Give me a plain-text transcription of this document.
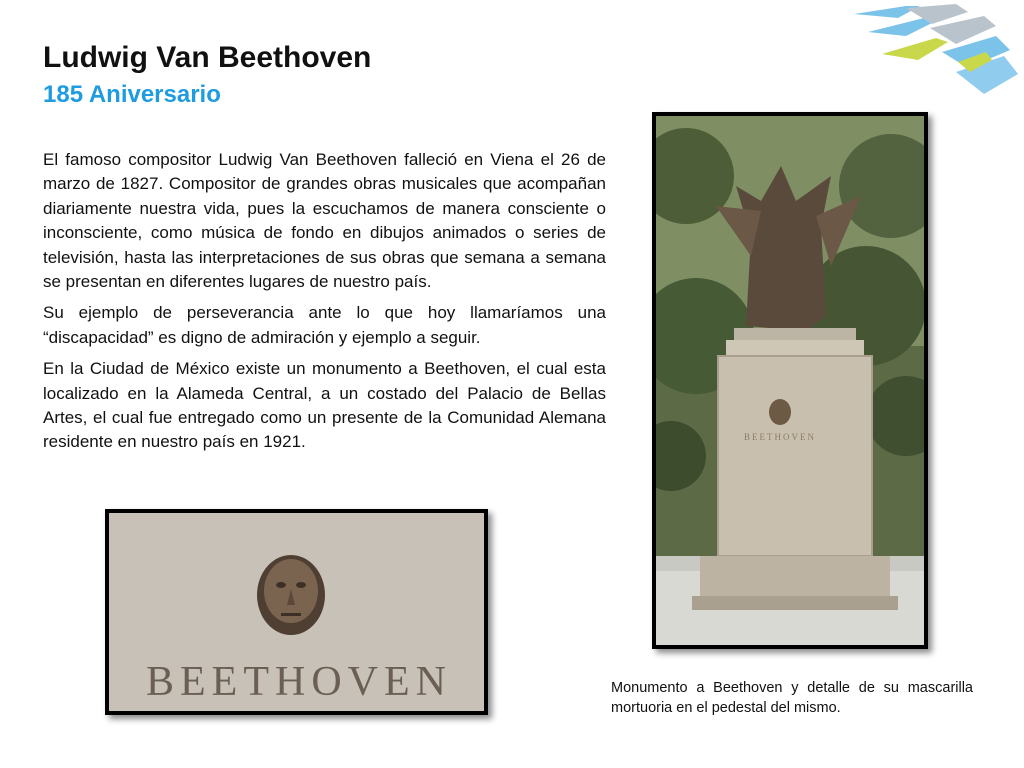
Ludwig Van Beethoven
185 Aniversario

El famoso compositor Ludwig Van Beethoven falleció en Viena el 26 de marzo de 1827. Compositor de grandes obras musicales que acompañan diariamente nuestra vida, pues la escuchamos de manera consciente o inconsciente, como música de fondo en dibujos animados o series de televisión, hasta las interpretaciones de sus obras que semana a semana se presentan en diferentes lugares de nuestro país.

Su ejemplo de perseverancia ante lo que hoy llamaríamos una “discapacidad” es digno de admiración y ejemplo a seguir.

En la Ciudad de México existe un monumento a Beethoven, el cual esta localizado en la Alameda Central, a un costado del Palacio de Bellas Artes, el cual fue entregado como un presente de la Comunidad Alemana residente en nuestro país en 1921.	BEETHOVEN
BEETHOVEN	Monumento a Beethoven y detalle de su mascarilla mortuoria en el pedestal del mismo.
